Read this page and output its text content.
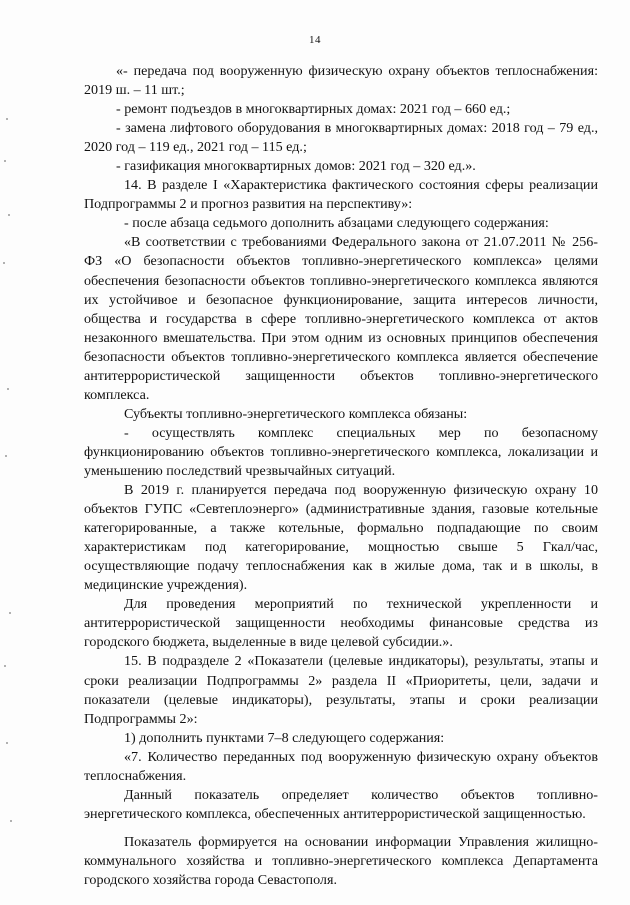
14

«- передача под вооруженную физическую охрану объектов теплоснабжения: 2019 ш. – 11 шт.;

- ремонт подъездов в многоквартирных домах: 2021 год – 660 ед.;

- замена лифтового оборудования в многоквартирных домах: 2018 год – 79 ед., 2020 год – 119 ед., 2021 год – 115 ед.;

- газификация многоквартирных домов: 2021 год – 320 ед.».

14. В разделе I «Характеристика фактического состояния сферы реализации Подпрограммы 2 и прогноз развития на перспективу»:

- после абзаца седьмого дополнить абзацами следующего содержания:

«В соответствии с требованиями Федерального закона от 21.07.2011 № 256-ФЗ «О безопасности объектов топливно-энергетического комплекса» целями обеспечения безопасности объектов топливно-энергетического комплекса являются их устойчивое и безопасное функционирование, защита интересов личности, общества и государства в сфере топливно-энергетического комплекса от актов незаконного вмешательства. При этом одним из основных принципов обеспечения безопасности объектов топливно-энергетического комплекса является обеспечение антитеррористической защищенности объектов топливно-энергетического комплекса.

Субъекты топливно-энергетического комплекса обязаны:

- осуществлять комплекс специальных мер по безопасному функционированию объектов топливно-энергетического комплекса, локализации и уменьшению последствий чрезвычайных ситуаций.

В 2019 г. планируется передача под вооруженную физическую охрану 10 объектов ГУПС «Севтеплоэнерго» (административные здания, газовые котельные категорированные, а также котельные, формально подпадающие по своим характеристикам под категорирование, мощностью свыше 5 Гкал/час, осуществляющие подачу теплоснабжения как в жилые дома, так и в школы, в медицинские учреждения).

Для проведения мероприятий по технической укрепленности и антитеррористической защищенности необходимы финансовые средства из городского бюджета, выделенные в виде целевой субсидии.».

15. В подразделе 2 «Показатели (целевые индикаторы), результаты, этапы и сроки реализации Подпрограммы 2» раздела II «Приоритеты, цели, задачи и показатели (целевые индикаторы), результаты, этапы и сроки реализации Подпрограммы 2»:

1) дополнить пунктами 7–8 следующего содержания:

«7. Количество переданных под вооруженную физическую охрану объектов теплоснабжения.

Данный показатель определяет количество объектов топливно-энергетического комплекса, обеспеченных антитеррористической защищенностью.

Показатель формируется на основании информации Управления жилищно-коммунального хозяйства и топливно-энергетического комплекса Департамента городского хозяйства города Севастополя.
